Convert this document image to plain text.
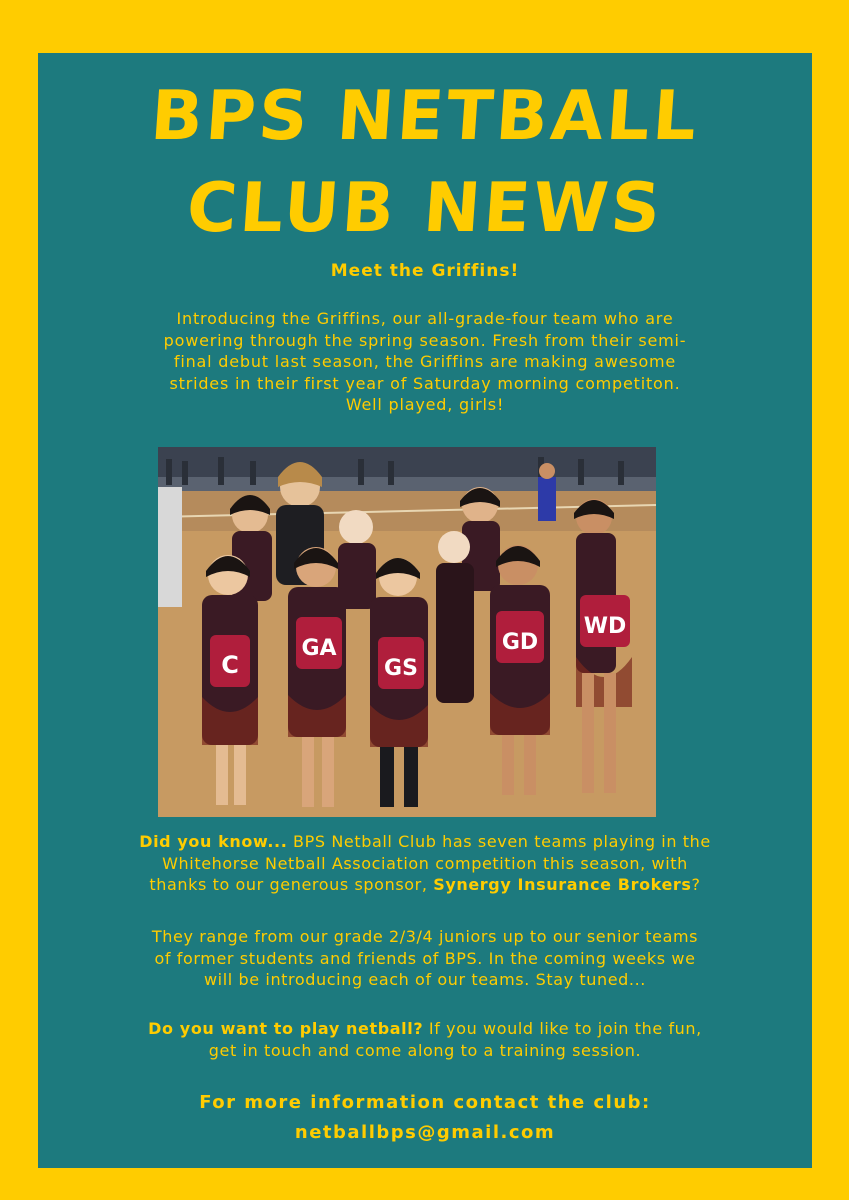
BPS NETBALL
CLUB NEWS
Meet the Griffins!

Introducing the Griffins, our all-grade-four team who are
powering through the spring season. Fresh from their semi-
final debut last season, the Griffins are making awesome
strides in their first year of Saturday morning competiton.
Well played, girls!

C
GA
GS
GD
WD

Did you know... BPS Netball Club has seven teams playing in the
Whitehorse Netball Association competition this season, with
thanks to our generous sponsor, Synergy Insurance Brokers?

They range from our grade 2/3/4 juniors up to our senior teams
of former students and friends of BPS. In the coming weeks we
will be introducing each of our teams. Stay tuned...

Do you want to play netball? If you would like to join the fun,
get in touch and come along to a training session.

For more information contact the club:
netballbps@gmail.com
